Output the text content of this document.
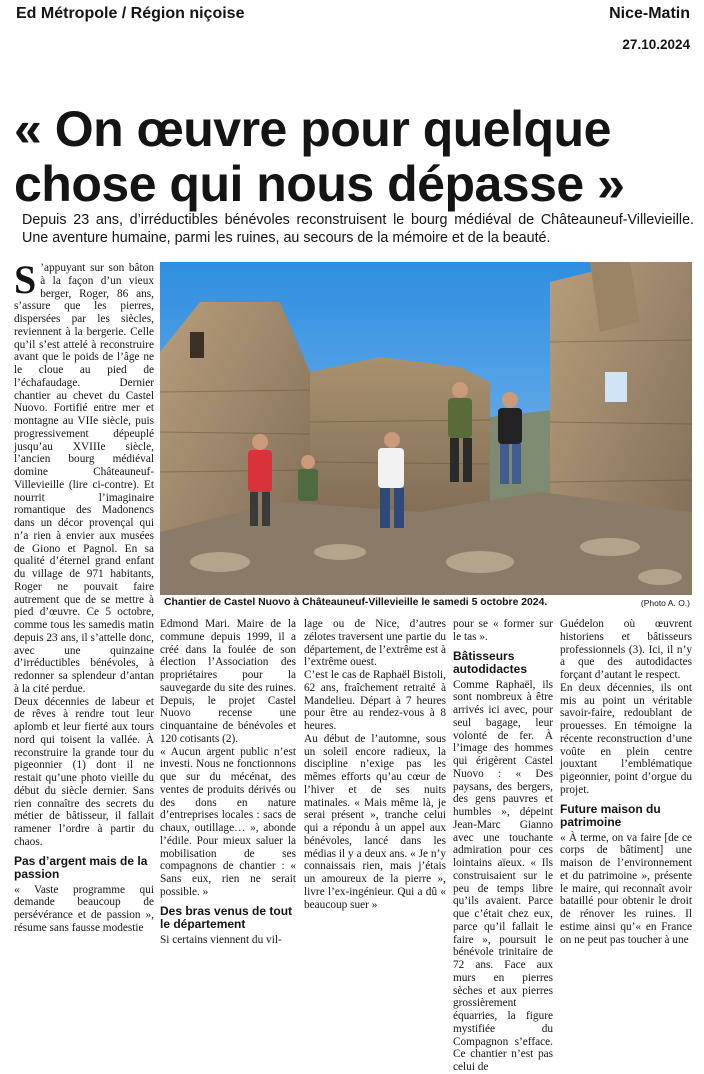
Ed Métropole / Région niçoise	Nice-Matin
27.10.2024
« On œuvre pour quelque chose qui nous dépasse »
Depuis 23 ans, d’irréductibles bénévoles reconstruisent le bourg médiéval de Châteauneuf-Villevieille. Une aventure humaine, parmi les ruines, au secours de la mémoire et de la beauté.

S ’appuyant sur son bâton à la façon d’un vieux berger, Roger, 86 ans, s’assure que les pierres, dispersées par les siècles, reviennent à la bergerie. Celle qu’il s’est attelé à reconstruire avant que le poids de l’âge ne le cloue au pied de l’échafaudage. Dernier chantier au chevet du Castel Nuovo. Fortifié entre mer et montagne au VIIe siècle, puis progressivement dépeuplé jusqu’au XVIIIe siècle, l’ancien bourg médiéval domine Châteauneuf-Villevieille (lire ci-contre). Et nourrit l’imaginaire romantique des Madonencs dans un décor provençal qui n’a rien à envier aux musées de Giono et Pagnol. En sa qualité d’éternel grand enfant du village de 971 habitants, Roger ne pouvait faire autrement que de se mettre à pied d’œuvre. Ce 5 octobre, comme tous les samedis matin depuis 23 ans, il s’attelle donc, avec une quinzaine d’irréductibles bénévoles, à redonner sa splendeur d’antan à la cité perdue.

Deux décennies de labeur et de rêves à rendre tout leur aplomb et leur fierté aux tours nord qui toisent la vallée. À reconstruire la grande tour du pigeonnier (1) dont il ne restait qu’une photo vieille du début du siècle dernier. Sans rien connaître des secrets du métier de bâtisseur, il fallait ramener l’ordre à partir du chaos.

Pas d’argent mais de la passion

« Vaste programme qui demande beaucoup de persévérance et de passion », résume sans fausse modestie

Chantier de Castel Nuovo à Châteauneuf-Villevieille le samedi 5 octobre 2024.	(Photo A. O.)

Edmond Mari. Maire de la commune depuis 1999, il a créé dans la foulée de son élection l’Association des propriétaires pour la sauvegarde du site des ruines. Depuis, le projet Castel Nuovo recense une cinquantaine de bénévoles et 120 cotisants (2).

« Aucun argent public n’est investi. Nous ne fonctionnons que sur du mécénat, des ventes de produits dérivés ou des dons en nature d’entreprises locales : sacs de chaux, outillage… », abonde l’édile. Pour mieux saluer la mobilisation de ses compagnons de chantier : « Sans eux, rien ne serait possible. »

Des bras venus de tout le département

Si certains viennent du vil-

lage ou de Nice, d’autres zélotes traversent une partie du département, de l’extrême est à l’extrême ouest.

C’est le cas de Raphaël Bistoli, 62 ans, fraîchement retraité à Mandelieu. Départ à 7 heures pour être au rendez-vous à 8 heures.

Au début de l’automne, sous un soleil encore radieux, la discipline n’exige pas les mêmes efforts qu’au cœur de l’hiver et de ses nuits matinales. « Mais même là, je serai présent », tranche celui qui a répondu à un appel aux bénévoles, lancé dans les médias il y a deux ans. « Je n’y connaissais rien, mais j’étais un amoureux de la pierre », livre l’ex-ingénieur. Qui a dû « beaucoup suer »

pour se « former sur le tas ».

Bâtisseurs autodidactes

Comme Raphaël, ils sont nombreux à être arrivés ici avec, pour seul bagage, leur volonté de fer. À l’image des hommes qui érigèrent Castel Nuovo : « Des paysans, des bergers, des gens pauvres et humbles », dépeint Jean-Marc Gianno avec une touchante admiration pour ces lointains aïeux. « Ils construisaient sur le peu de temps libre qu’ils avaient. Parce que c’était chez eux, parce qu’il fallait le faire », poursuit le bénévole trinitaire de 72 ans. Face aux murs en pierres sèches et aux pierres grossièrement équarries, la figure mystifiée du Compagnon s’efface. Ce chantier n’est pas celui de

Guédelon où œuvrent historiens et bâtisseurs professionnels (3). Ici, il n’y a que des autodidactes forçant d’autant le respect.

En deux décennies, ils ont mis au point un véritable savoir-faire, redoublant de prouesses. En témoigne la récente reconstruction d’une voûte en plein centre jouxtant l’emblématique pigeonnier, point d’orgue du projet.

Future maison du patrimoine

« À terme, on va faire [de ce corps de bâtiment] une maison de l’environnement et du patrimoine », présente le maire, qui reconnaît avoir bataillé pour obtenir le droit de rénover les ruines. Il estime ainsi qu’« en France on ne peut pas toucher à une
